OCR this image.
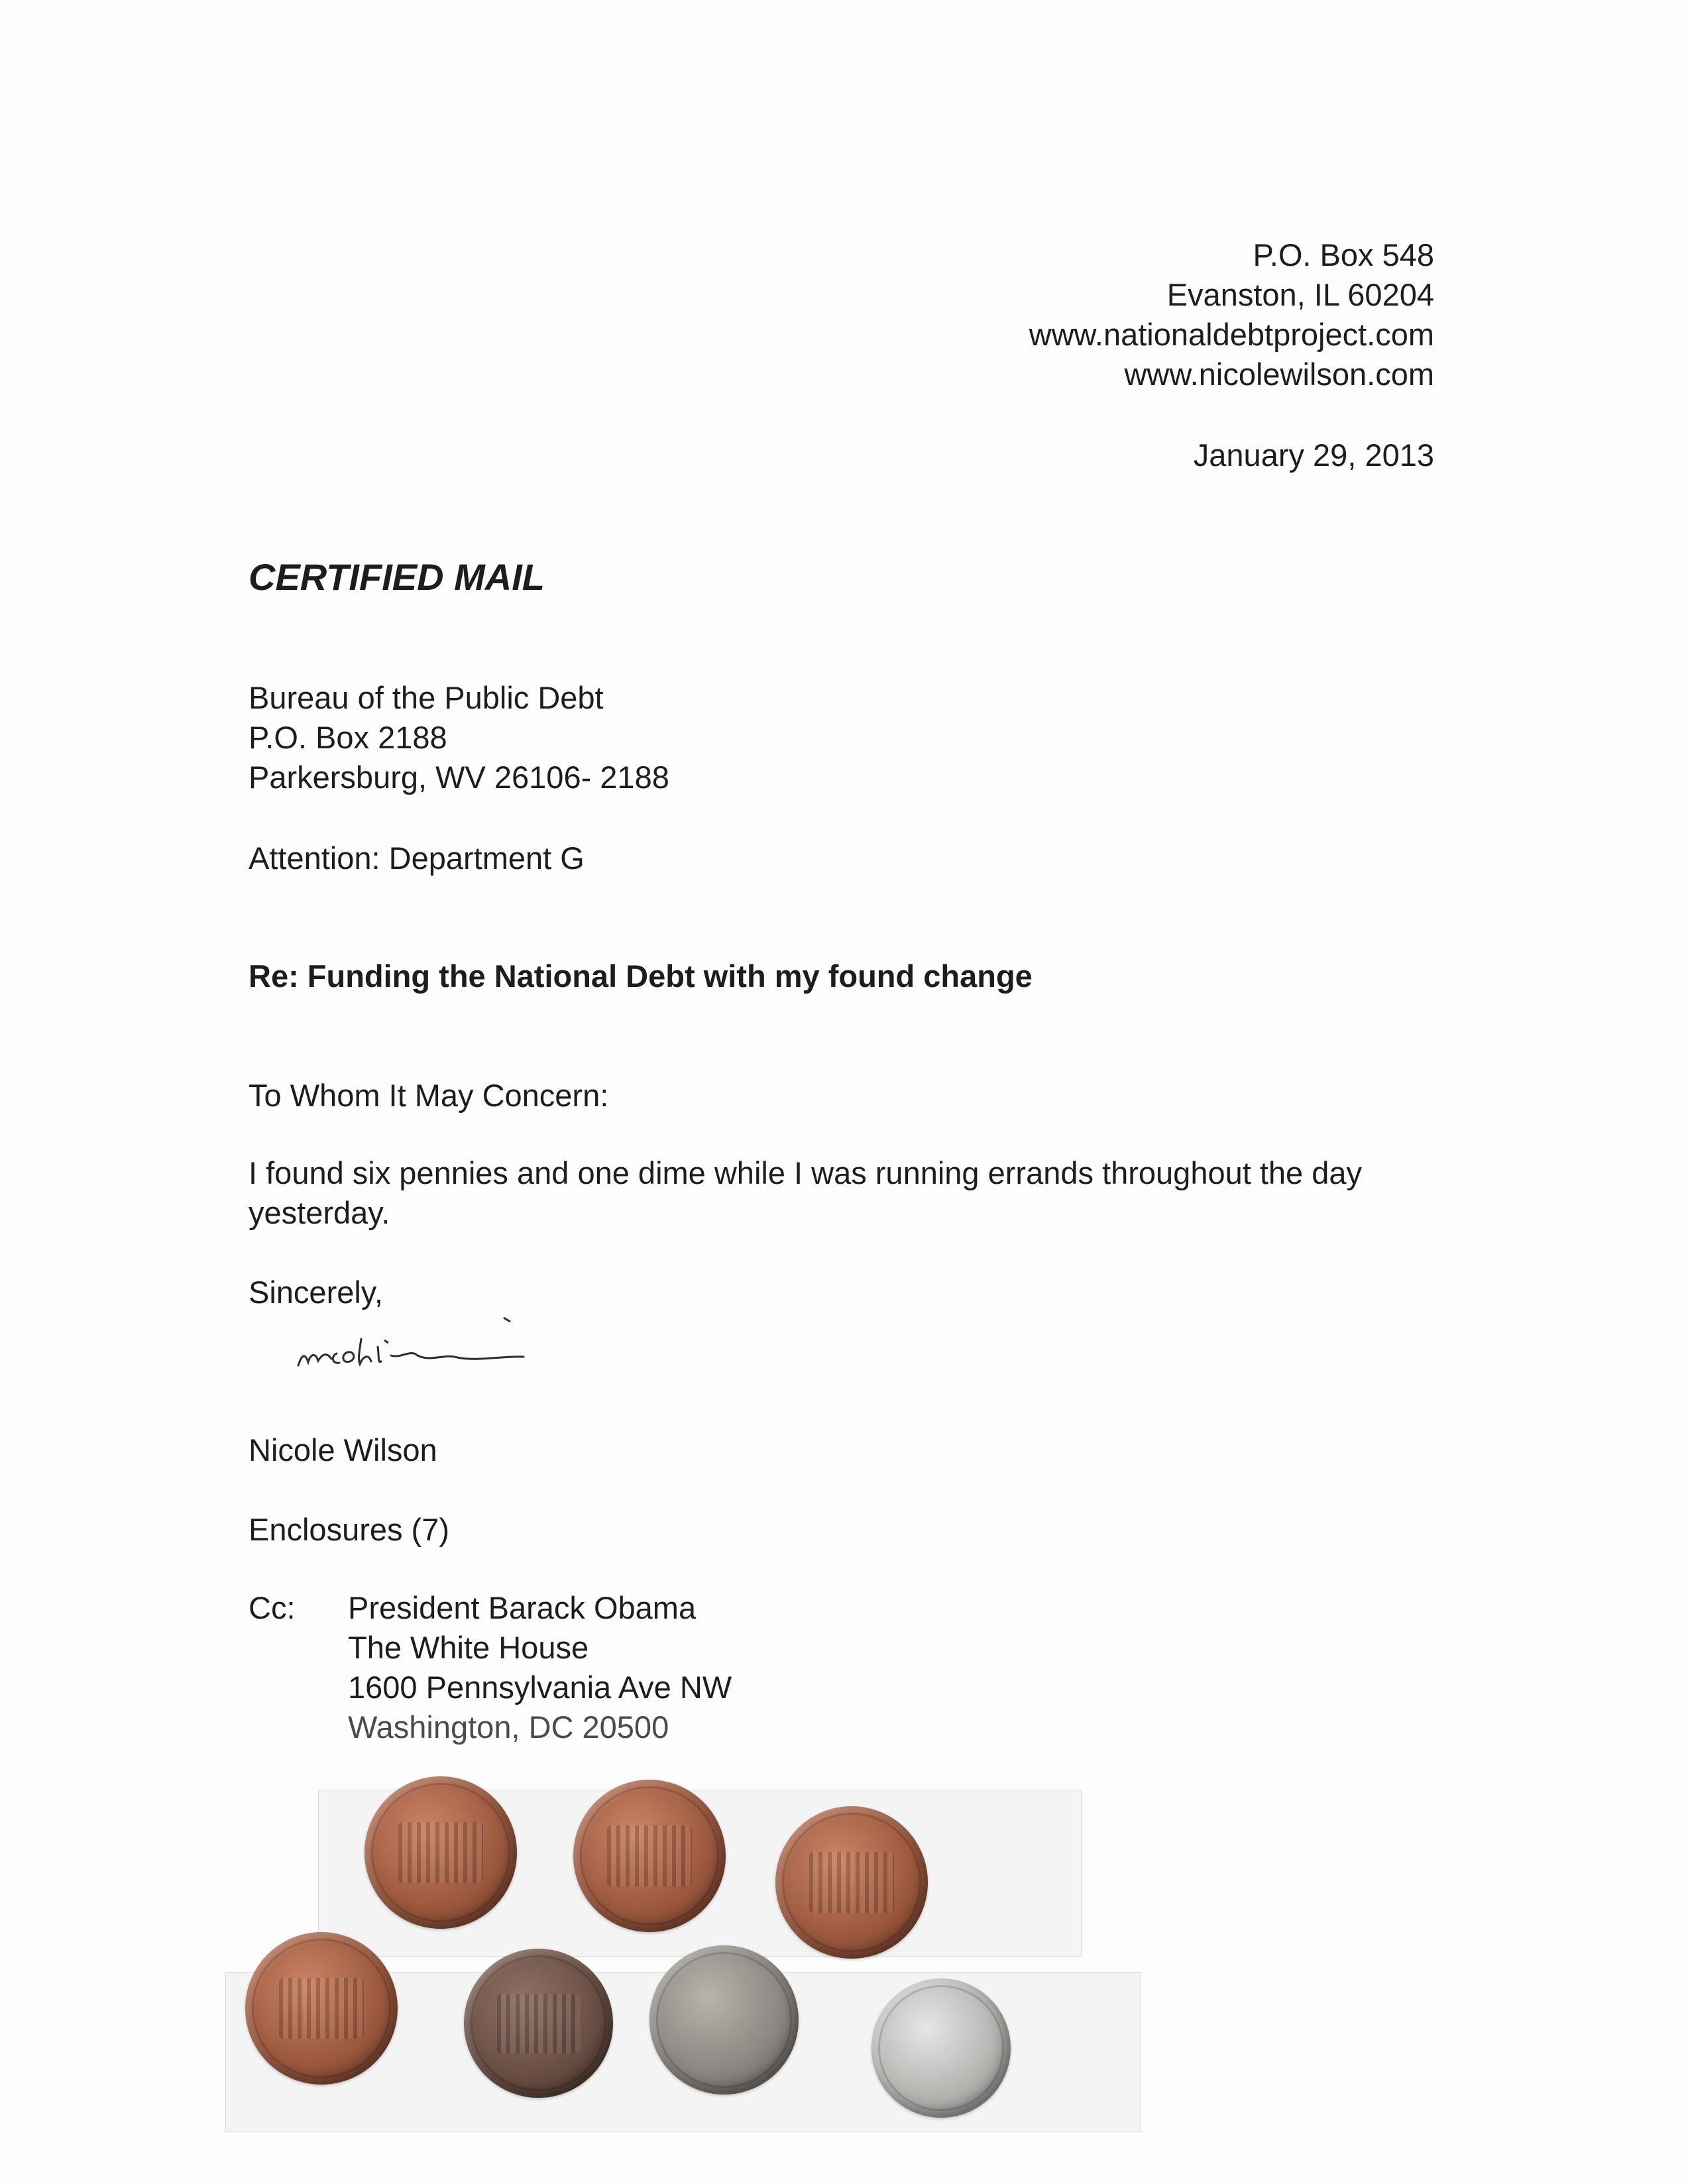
P.O. Box 548
Evanston, IL 60204
www.nationaldebtproject.com
www.nicolewilson.com
January 29, 2013
CERTIFIED MAIL
Bureau of the Public Debt
P.O. Box 2188
Parkersburg, WV 26106- 2188
Attention: Department G
Re: Funding the National Debt with my found change
To Whom It May Concern:
I found six pennies and one dime while I was running errands throughout the day yesterday.
Sincerely,
Nicole Wilson
Enclosures (7)
Cc: President Barack Obama
The White House
1600 Pennsylvania Ave NW
Washington, DC 20500
